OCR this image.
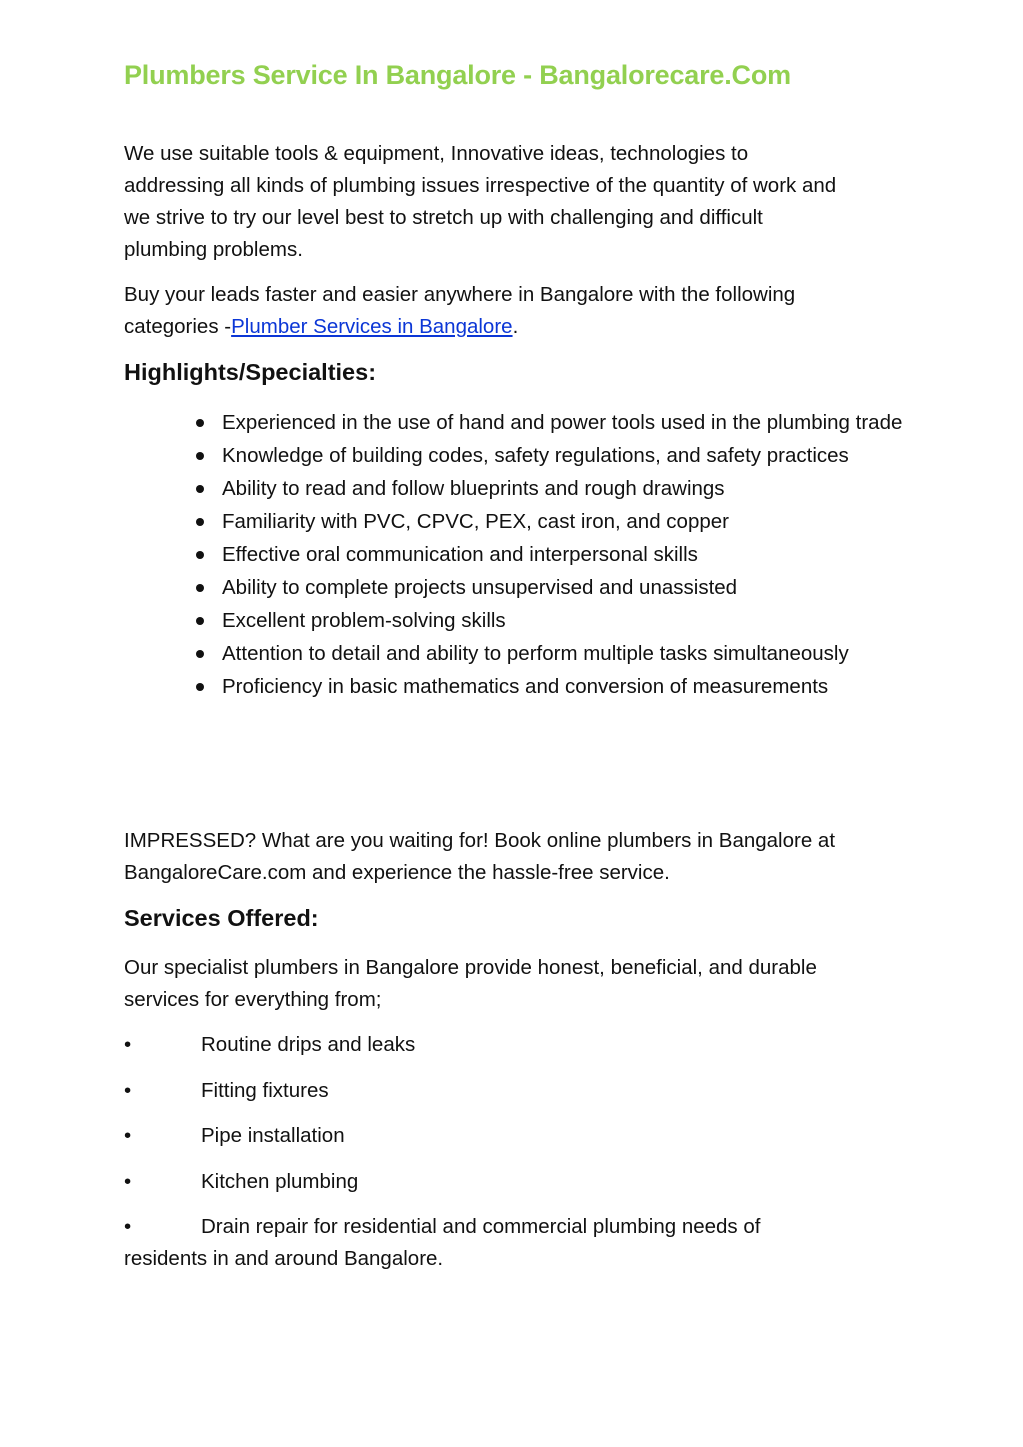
Plumbers Service In Bangalore - Bangalorecare.Com
We use suitable tools & equipment, Innovative ideas, technologies to
addressing all kinds of plumbing issues irrespective of the quantity of work and
we strive to try our level best to stretch up with challenging and difficult
plumbing problems.
Buy your leads faster and easier anywhere in Bangalore with the following
categories -Plumber Services in Bangalore.
Highlights/Specialties:
Experienced in the use of hand and power tools used in the plumbing trade
Knowledge of building codes, safety regulations, and safety practices
Ability to read and follow blueprints and rough drawings
Familiarity with PVC, CPVC, PEX, cast iron, and copper
Effective oral communication and interpersonal skills
Ability to complete projects unsupervised and unassisted
Excellent problem-solving skills
Attention to detail and ability to perform multiple tasks simultaneously
Proficiency in basic mathematics and conversion of measurements
IMPRESSED? What are you waiting for! Book online plumbers in Bangalore at
BangaloreCare.com and experience the hassle-free service.
Services Offered:
Our specialist plumbers in Bangalore provide honest, beneficial, and durable
services for everything from;
•	Routine drips and leaks
•	Fitting fixtures
•	Pipe installation
•	Kitchen plumbing
•	Drain repair for residential and commercial plumbing needs of
residents in and around Bangalore.
